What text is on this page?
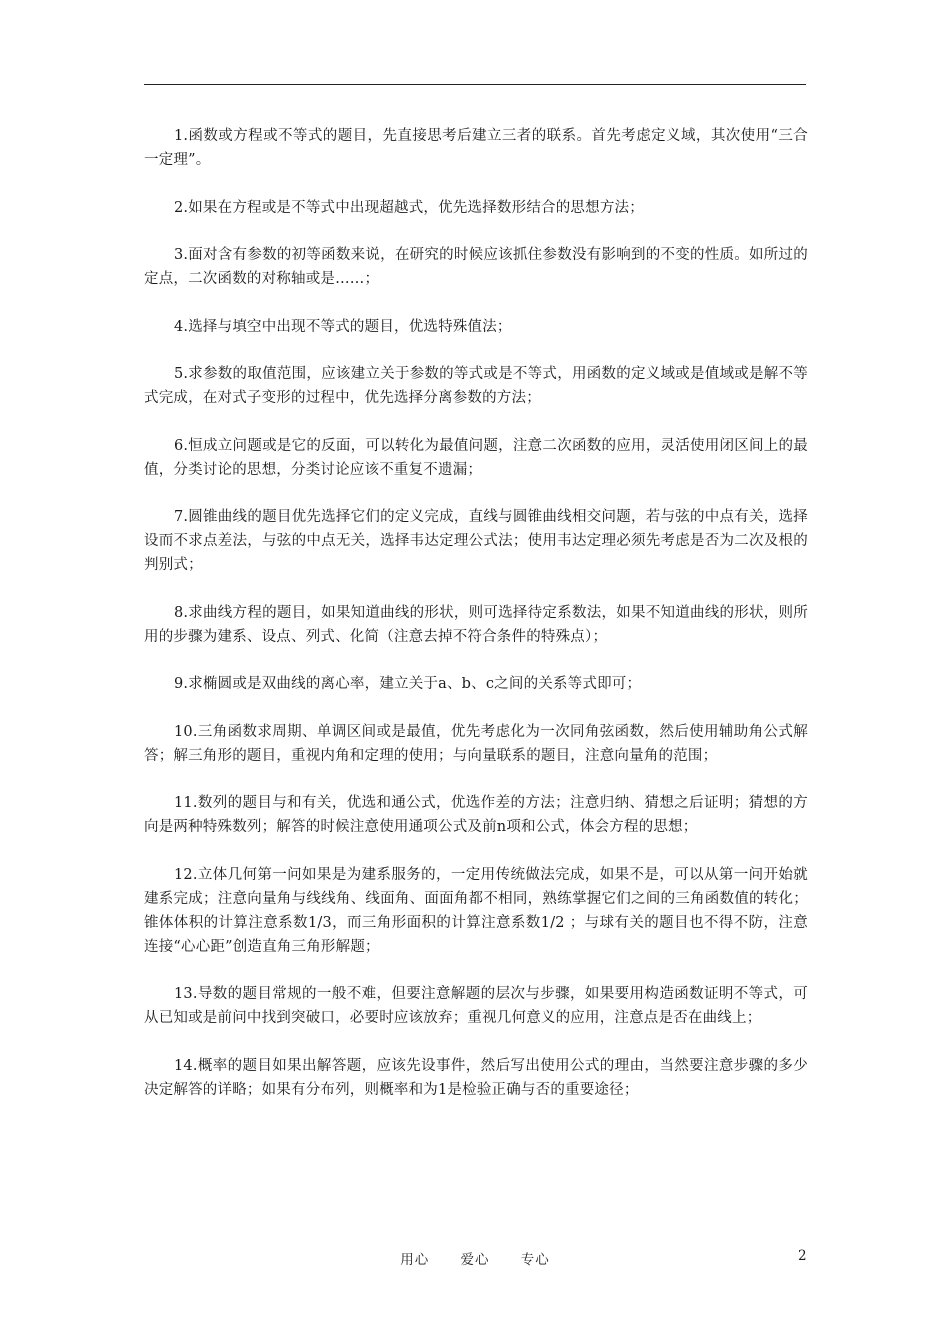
1.函数或方程或不等式的题目，先直接思考后建立三者的联系。首先考虑定义域，其次使用“三合一定理”。

2.如果在方程或是不等式中出现超越式，优先选择数形结合的思想方法；

3.面对含有参数的初等函数来说，在研究的时候应该抓住参数没有影响到的不变的性质。如所过的定点，二次函数的对称轴或是……；

4.选择与填空中出现不等式的题目，优选特殊值法；

5.求参数的取值范围，应该建立关于参数的等式或是不等式，用函数的定义域或是值域或是解不等式完成，在对式子变形的过程中，优先选择分离参数的方法；

6.恒成立问题或是它的反面，可以转化为最值问题，注意二次函数的应用，灵活使用闭区间上的最值，分类讨论的思想，分类讨论应该不重复不遗漏；

7.圆锥曲线的题目优先选择它们的定义完成，直线与圆锥曲线相交问题，若与弦的中点有关，选择设而不求点差法，与弦的中点无关，选择韦达定理公式法；使用韦达定理必须先考虑是否为二次及根的判别式；

8.求曲线方程的题目，如果知道曲线的形状，则可选择待定系数法，如果不知道曲线的形状，则所用的步骤为建系、设点、列式、化简（注意去掉不符合条件的特殊点）；

9.求椭圆或是双曲线的离心率，建立关于a、b、c之间的关系等式即可；

10.三角函数求周期、单调区间或是最值，优先考虑化为一次同角弦函数，然后使用辅助角公式解答；解三角形的题目，重视内角和定理的使用；与向量联系的题目，注意向量角的范围；

11.数列的题目与和有关，优选和通公式，优选作差的方法；注意归纳、猜想之后证明；猜想的方向是两种特殊数列；解答的时候注意使用通项公式及前n项和公式，体会方程的思想；

12.立体几何第一问如果是为建系服务的，一定用传统做法完成，如果不是，可以从第一问开始就建系完成；注意向量角与线线角、线面角、面面角都不相同，熟练掌握它们之间的三角函数值的转化；锥体体积的计算注意系数1/3，而三角形面积的计算注意系数1/2 ；与球有关的题目也不得不防，注意连接“心心距”创造直角三角形解题；

13.导数的题目常规的一般不难，但要注意解题的层次与步骤，如果要用构造函数证明不等式，可从已知或是前问中找到突破口，必要时应该放弃；重视几何意义的应用，注意点是否在曲线上；

14.概率的题目如果出解答题，应该先设事件，然后写出使用公式的理由，当然要注意步骤的多少决定解答的详略；如果有分布列，则概率和为1是检验正确与否的重要途径；

用心 爱心 专心	2
